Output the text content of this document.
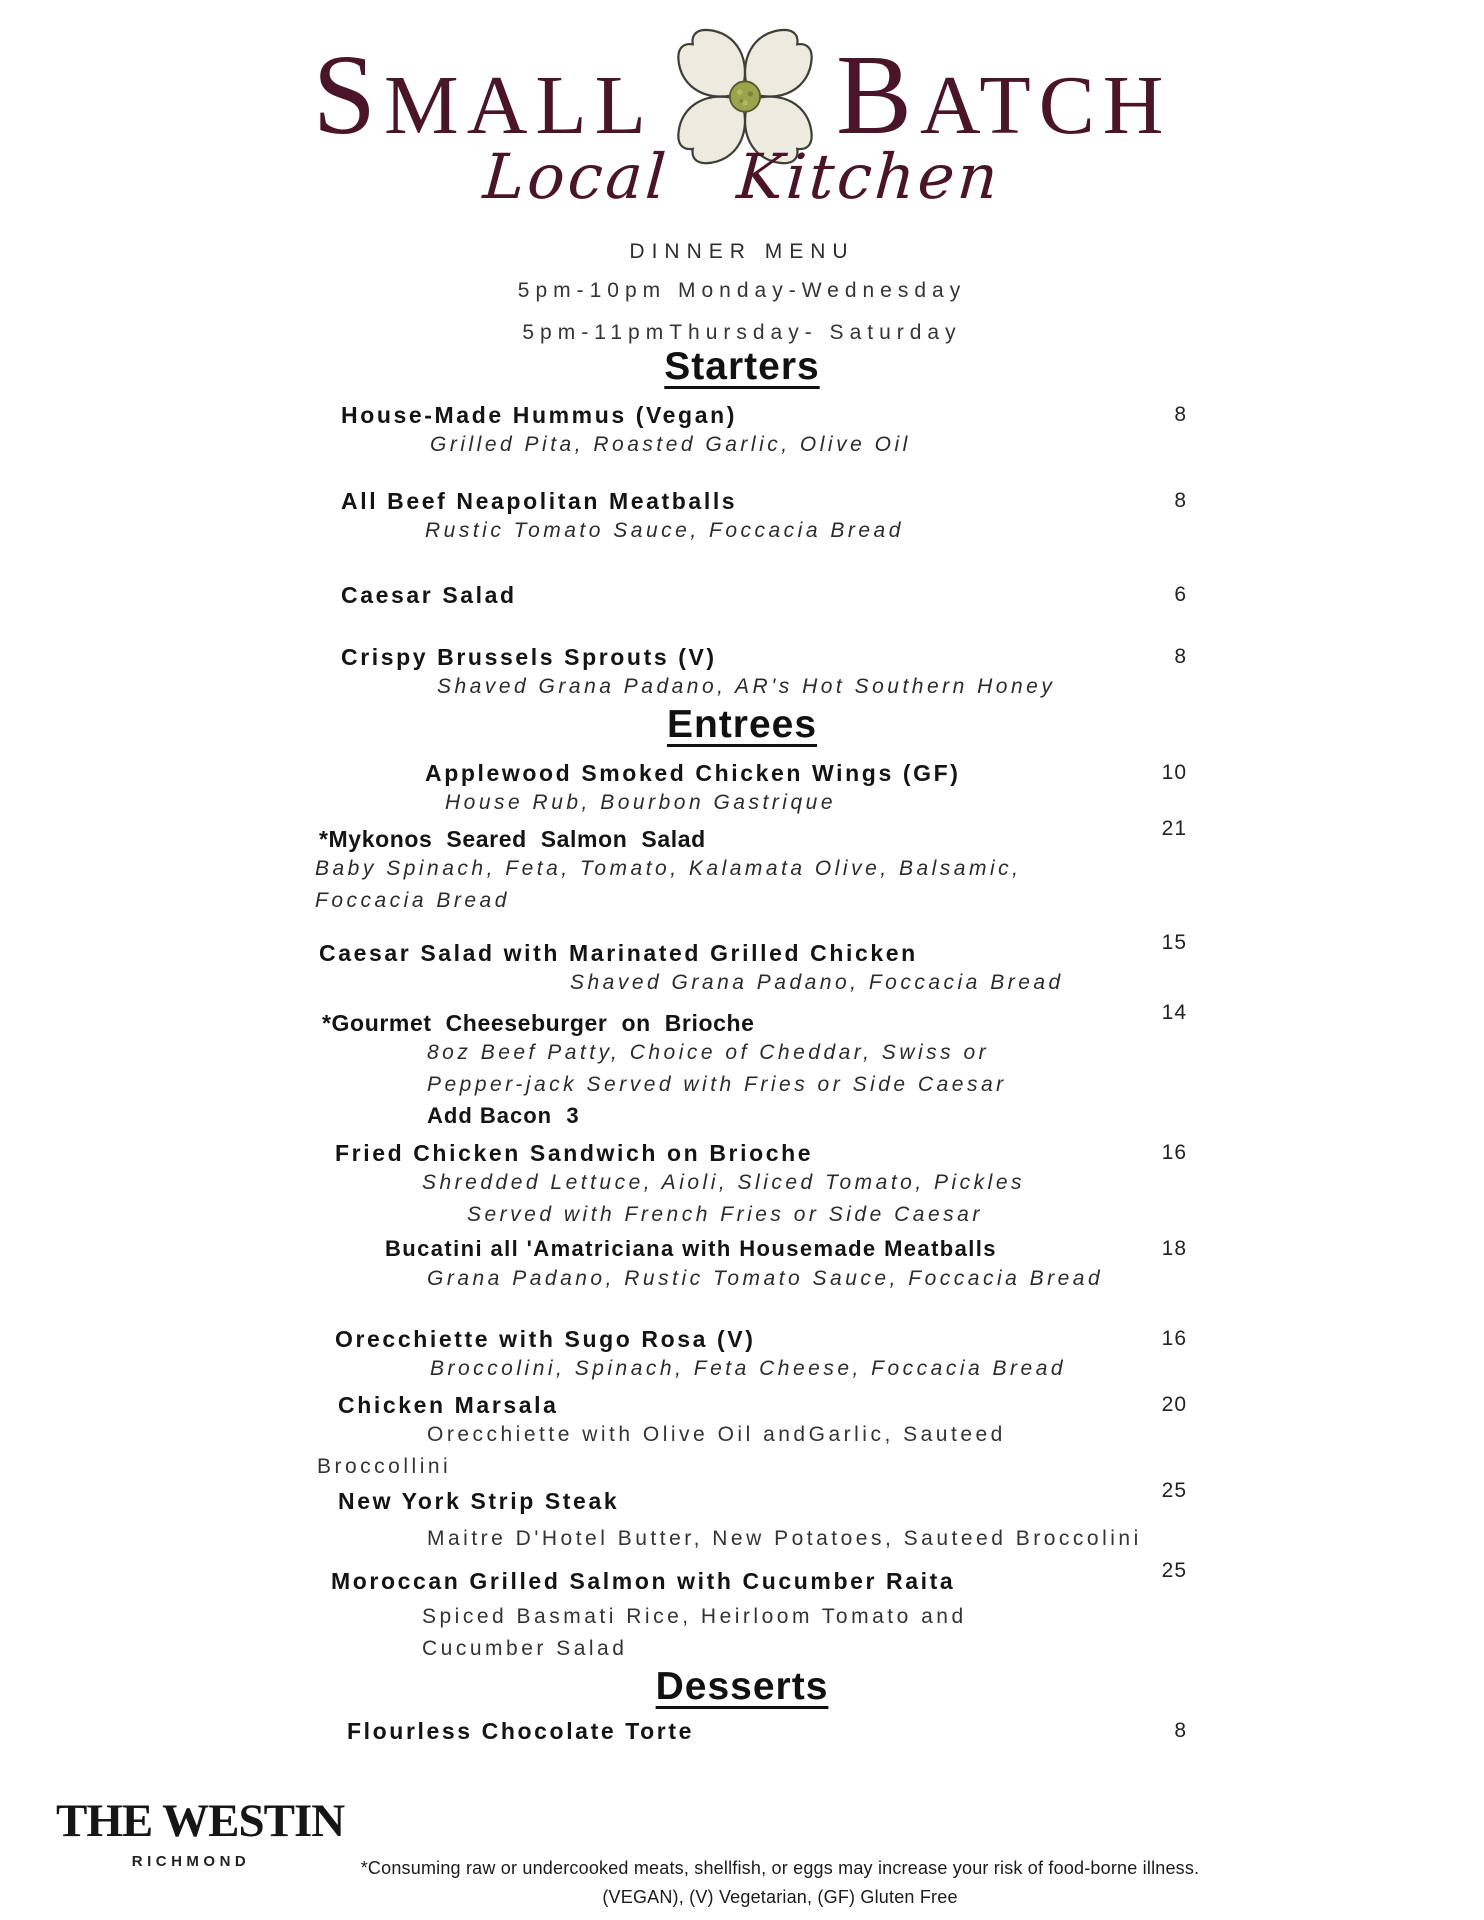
SMALL BATCH
Local Kitchen
DINNER MENU
5pm-10pm Monday-Wednesday
5pm-11pmThursday- Saturday
Starters
House-Made Hummus (Vegan)	8
Grilled Pita, Roasted Garlic, Olive Oil
All Beef Neapolitan Meatballs	8
Rustic Tomato Sauce, Foccacia Bread
Caesar Salad	6
Crispy Brussels Sprouts (V)	8
Shaved Grana Padano, AR's Hot Southern Honey
Entrees
Applewood Smoked Chicken Wings (GF)	10
House Rub, Bourbon Gastrique
*Mykonos Seared Salmon Salad	21
Baby Spinach, Feta, Tomato, Kalamata Olive, Balsamic,
Foccacia Bread
Caesar Salad with Marinated Grilled Chicken	15
Shaved Grana Padano, Foccacia Bread
*Gourmet Cheeseburger on Brioche	14
8oz Beef Patty, Choice of Cheddar, Swiss or
Pepper-jack Served with Fries or Side Caesar
Add Bacon  3
Fried Chicken Sandwich on Brioche	16
Shredded Lettuce, Aioli, Sliced Tomato, Pickles
Served with French Fries or Side Caesar
Bucatini all 'Amatriciana with Housemade Meatballs	18
Grana Padano, Rustic Tomato Sauce, Foccacia Bread
Orecchiette with Sugo Rosa (V)	16
Broccolini, Spinach, Feta Cheese, Foccacia Bread
Chicken Marsala	20
Orecchiette with Olive Oil andGarlic, Sauteed
Broccollini
New York Strip Steak	25
Maitre D'Hotel Butter, New Potatoes, Sauteed Broccolini
Moroccan Grilled Salmon with Cucumber Raita	25
Spiced Basmati Rice, Heirloom Tomato and
Cucumber Salad
Desserts
Flourless Chocolate Torte	8
THE WESTIN
RICHMOND	*Consuming raw or undercooked meats, shellfish, or eggs may increase your risk of food-borne illness.
(VEGAN), (V) Vegetarian, (GF) Gluten Free
